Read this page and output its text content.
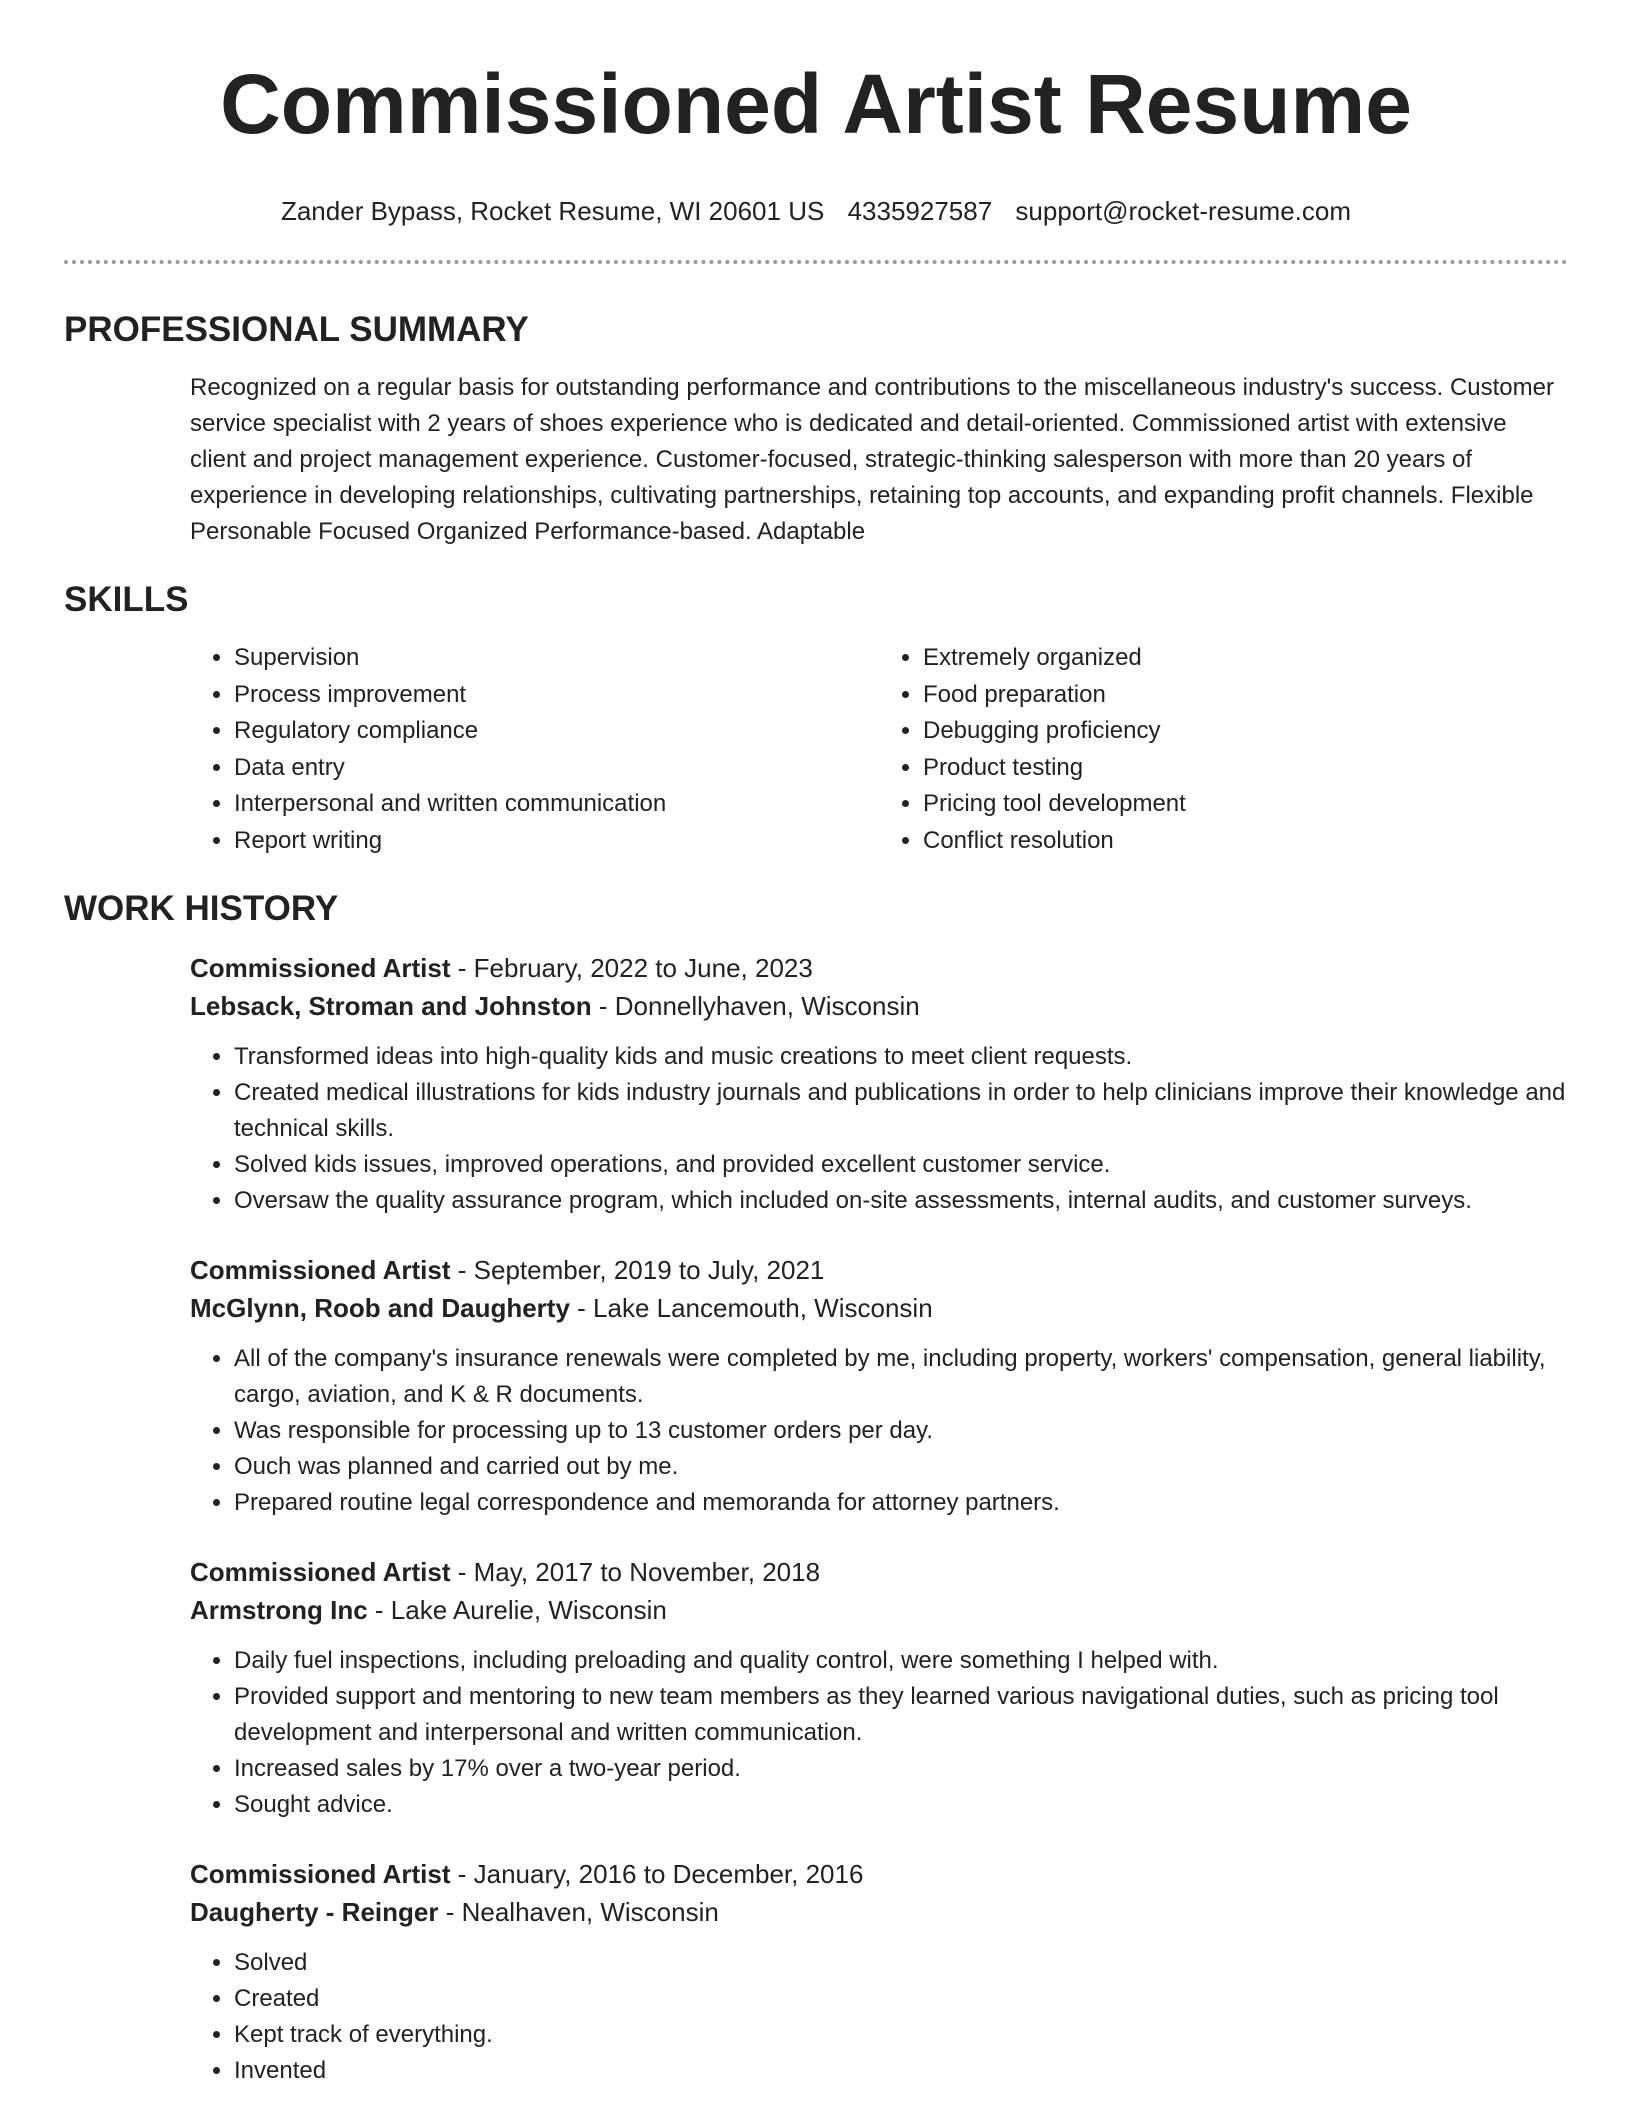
Commissioned Artist Resume
Zander Bypass, Rocket Resume, WI 20601 US 4335927587 support@rocket-resume.com
PROFESSIONAL SUMMARY
Recognized on a regular basis for outstanding performance and contributions to the miscellaneous industry's success. Customer service specialist with 2 years of shoes experience who is dedicated and detail-oriented. Commissioned artist with extensive client and project management experience. Customer-focused, strategic-thinking salesperson with more than 20 years of experience in developing relationships, cultivating partnerships, retaining top accounts, and expanding profit channels. Flexible Personable Focused Organized Performance-based. Adaptable
SKILLS
• Supervision
• Process improvement
• Regulatory compliance
• Data entry
• Interpersonal and written communication
• Report writing
• Extremely organized
• Food preparation
• Debugging proficiency
• Product testing
• Pricing tool development
• Conflict resolution
WORK HISTORY
Commissioned Artist - February, 2022 to June, 2023
Lebsack, Stroman and Johnston - Donnellyhaven, Wisconsin
• Transformed ideas into high-quality kids and music creations to meet client requests.
• Created medical illustrations for kids industry journals and publications in order to help clinicians improve their knowledge and technical skills.
• Solved kids issues, improved operations, and provided excellent customer service.
• Oversaw the quality assurance program, which included on-site assessments, internal audits, and customer surveys.
Commissioned Artist - September, 2019 to July, 2021
McGlynn, Roob and Daugherty - Lake Lancemouth, Wisconsin
• All of the company's insurance renewals were completed by me, including property, workers' compensation, general liability, cargo, aviation, and K & R documents.
• Was responsible for processing up to 13 customer orders per day.
• Ouch was planned and carried out by me.
• Prepared routine legal correspondence and memoranda for attorney partners.
Commissioned Artist - May, 2017 to November, 2018
Armstrong Inc - Lake Aurelie, Wisconsin
• Daily fuel inspections, including preloading and quality control, were something I helped with.
• Provided support and mentoring to new team members as they learned various navigational duties, such as pricing tool development and interpersonal and written communication.
• Increased sales by 17% over a two-year period.
• Sought advice.
Commissioned Artist - January, 2016 to December, 2016
Daugherty - Reinger - Nealhaven, Wisconsin
• Solved
• Created
• Kept track of everything.
• Invented
